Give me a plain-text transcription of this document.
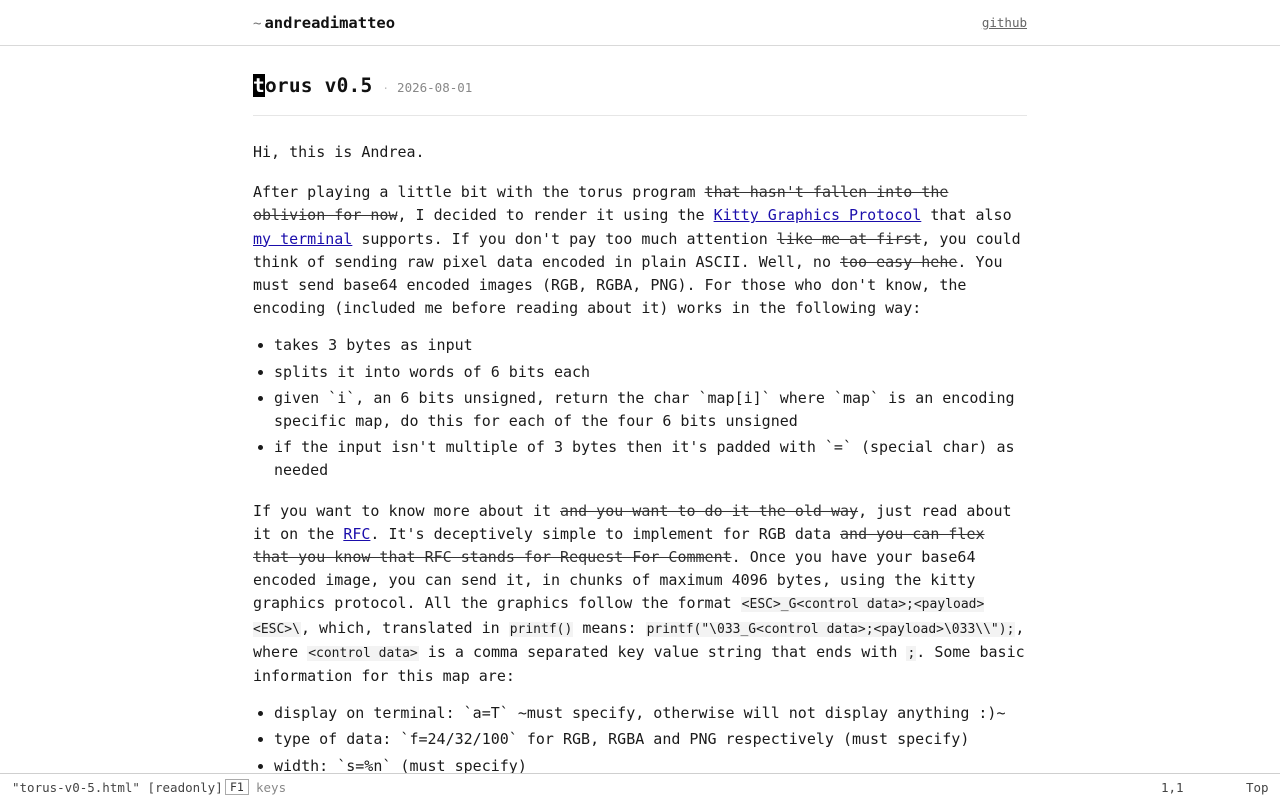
~ andreadimatteo	github
torus v0.5 · 2026-08-01

Hi, this is Andrea.

After playing a little bit with the torus program that hasn't fallen into the oblivion for now, I decided to render it using the Kitty Graphics Protocol that also my terminal supports. If you don't pay too much attention like me at first, you could think of sending raw pixel data encoded in plain ASCII. Well, no too easy hehe. You must send base64 encoded images (RGB, RGBA, PNG). For those who don't know, the encoding (included me before reading about it) works in the following way:

• takes 3 bytes as input
• splits it into words of 6 bits each
• given `i`, an 6 bits unsigned, return the char `map[i]` where `map` is an encoding specific map, do this for each of the four 6 bits unsigned
• if the input isn't multiple of 3 bytes then it's padded with `=` (special char) as needed

If you want to know more about it and you want to do it the old way, just read about it on the RFC. It's deceptively simple to implement for RGB data and you can flex that you know that RFC stands for Request For Comment. Once you have your base64 encoded image, you can send it, in chunks of maximum 4096 bytes, using the kitty graphics protocol. All the graphics follow the format <ESC>_G<control data>;<payload><ESC>\, which, translated in printf() means: printf("\033_G<control data>;<payload>\033\\");, where <control data> is a comma separated key value string that ends with ;. Some basic information for this map are:

• display on terminal: `a=T` ~must specify, otherwise will not display anything :)~
• type of data: `f=24/32/100` for RGB, RGBA and PNG respectively (must specify)
• width: `s=%n` (must specify)
"torus-v0-5.html" [readonly] F1 keys	1,1	Top
